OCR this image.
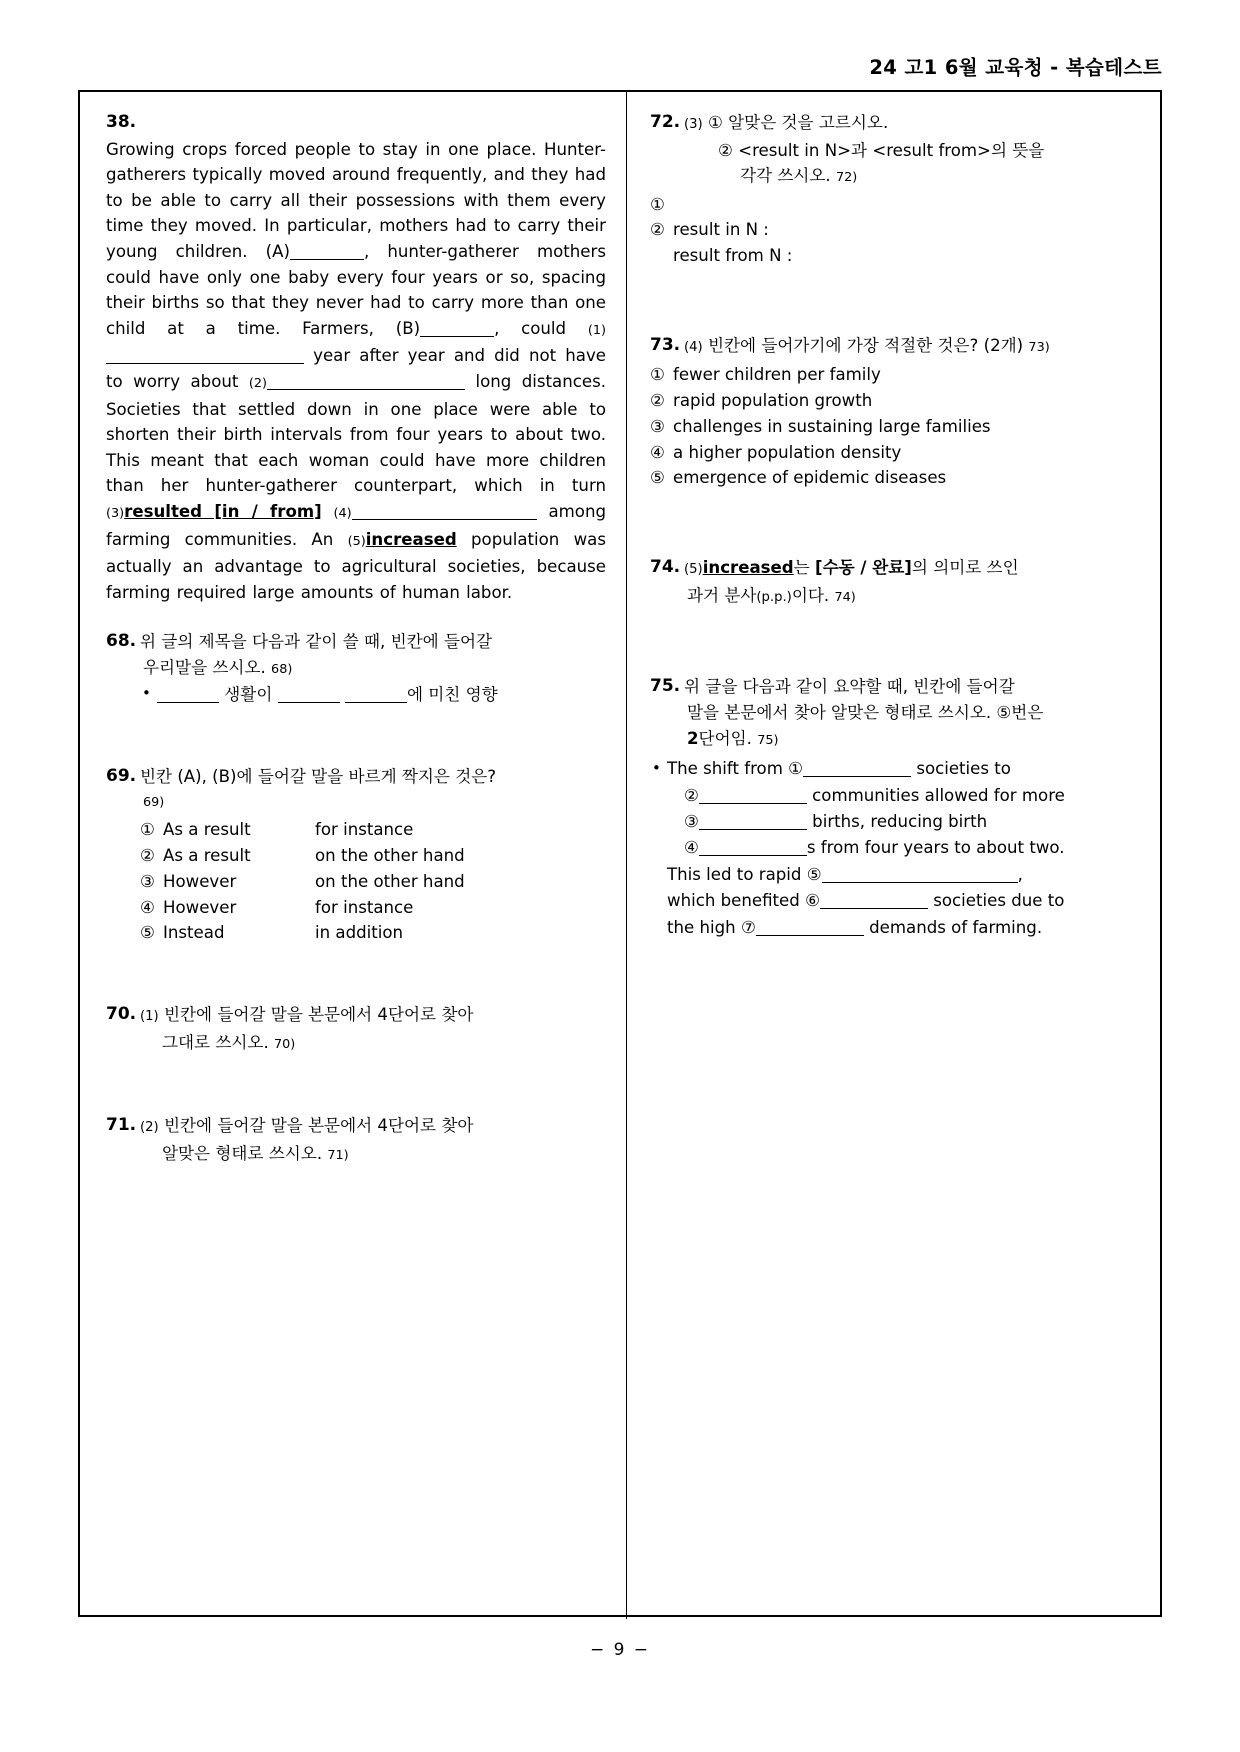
24 고1 6월 교육청 - 복습테스트
38.

Growing crops forced people to stay in one place. Hunter-gatherers typically moved around frequently, and they had to be able to carry all their possessions with them every time they moved. In particular, mothers had to carry their young children. (A)	, hunter-gatherer mothers could have only one baby every four years or so, spacing their births so that they never had to carry more than one child at a time. Farmers, (B)	, could (1) year after year and did not have to worry about (2)	long distances. Societies that settled down in one place were able to shorten their birth intervals from four years to about two. This meant that each woman could have more children than her hunter-gatherer counterpart, which in turn (3)resulted [in / from] (4)	among farming communities. An (5)increased population was actually an advantage to agricultural societies, because farming required large amounts of human labor.

68. 위 글의 제목을 다음과 같이 쓸 때, 빈칸에 들어갈
우리말을 쓰시오. 68)
• 생활이	에 미친 영향
69. 빈칸 (A), (B)에 들어갈 말을 바르게 짝지은 것은?
69)
① As a result	for instance
② As a result	on the other hand
③ However	on the other hand
④ However	for instance
⑤ Instead	in addition
70. (1) 빈칸에 들어갈 말을 본문에서 4단어로 찾아
그대로 쓰시오. 70)
71. (2) 빈칸에 들어갈 말을 본문에서 4단어로 찾아
알맞은 형태로 쓰시오. 71)
72. (3) ① 알맞은 것을 고르시오.
② <result in N>과 <result from>의 뜻을
각각 쓰시오. 72)
①
② result in N :
result from N :
73. (4) 빈칸에 들어가기에 가장 적절한 것은? (2개) 73)
① fewer children per family
② rapid population growth
③ challenges in sustaining large families
④ a higher population density
⑤ emergence of epidemic diseases
74. (5)increased는 [수동 / 완료]의 의미로 쓰인
과거 분사(p.p.)이다. 74)
75. 위 글을 다음과 같이 요약할 때, 빈칸에 들어갈
말을 본문에서 찾아 알맞은 형태로 쓰시오. ⑤번은
2단어임. 75)
• The shift from ①	societies to
②	communities allowed for more
③	births, reducing birth
④	s from four years to about two.
This led to rapid ⑤	,
which benefited ⑥	societies due to
the high ⑦	demands of farming.
− 9 −
